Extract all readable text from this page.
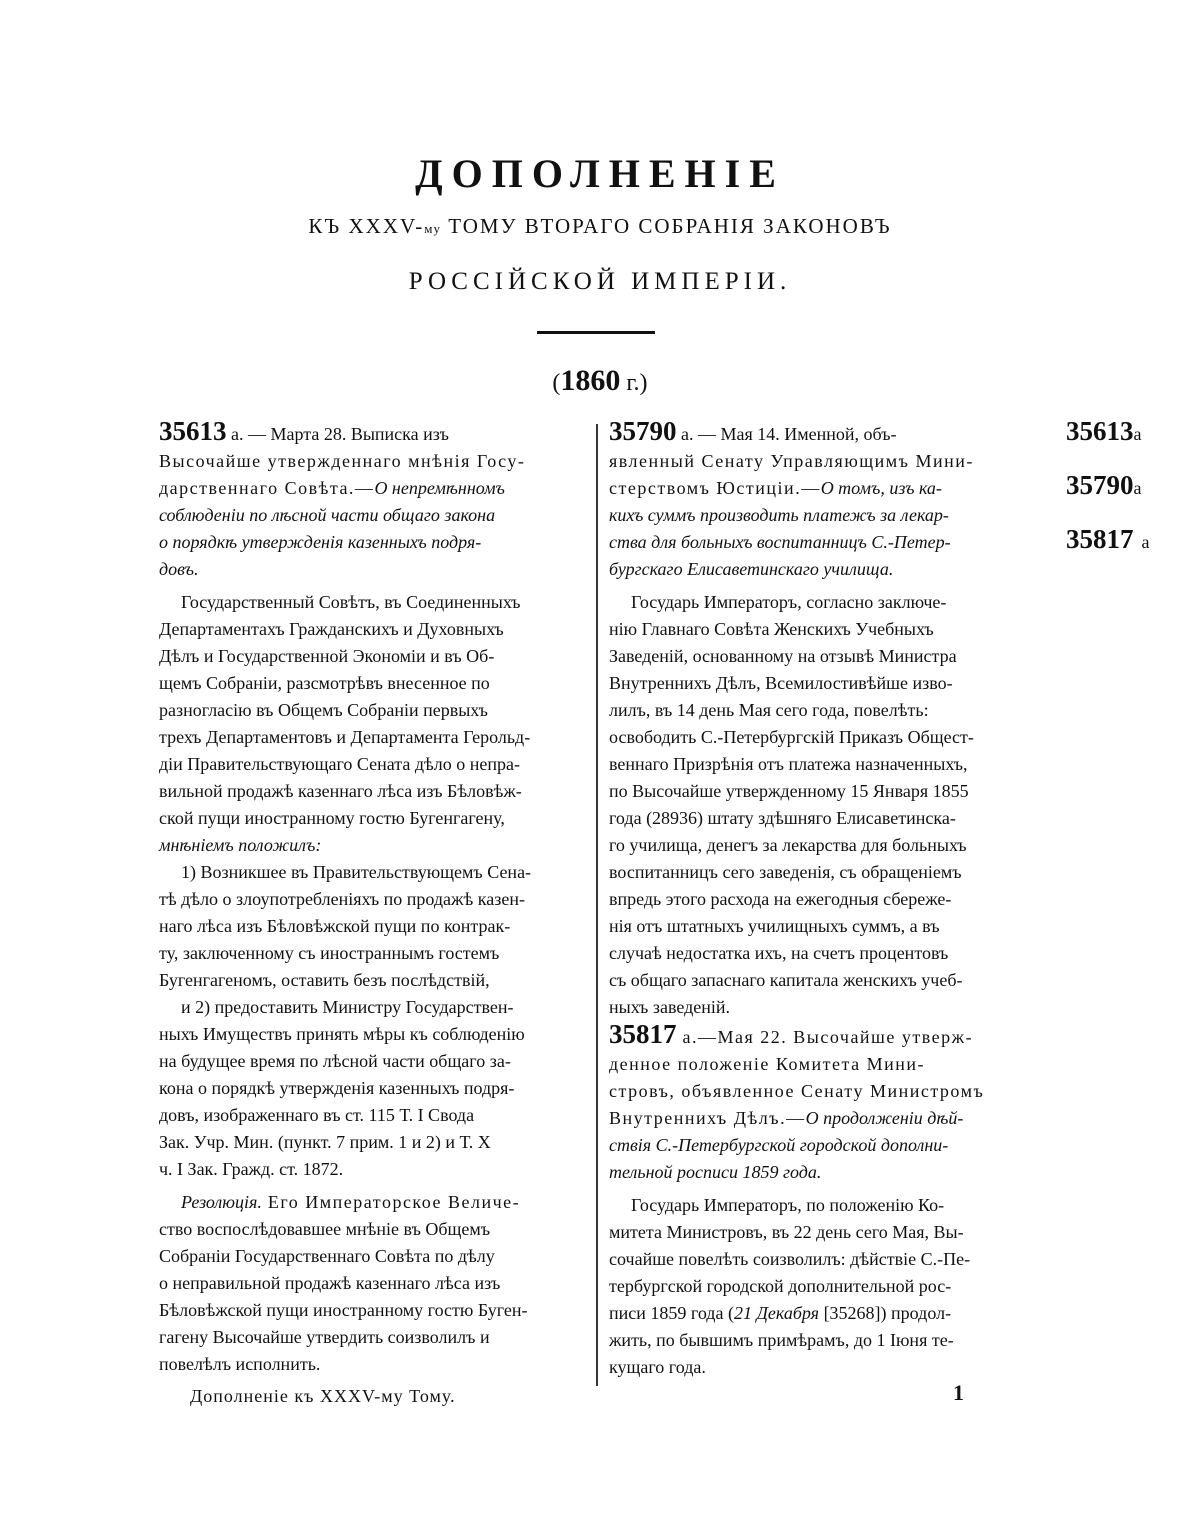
ДОПОЛНЕНІЕ
КЪ XXXV-му ТОМУ ВТОРАГО СОБРАНІЯ ЗАКОНОВЪ
РОССІЙСКОЙ ИМПЕРІИ.
(1860 г.)

35613 а. — Марта 28. Выписка изъ

Высочайше утвержденнаго мнѣнія Госу-

дарственнаго Совѣта.—О непремѣнномъ

соблюденіи по лѣсной части общаго закона

о порядкѣ утвержденія казенныхъ подря-

довъ.

Государственный Совѣтъ, въ Соединенныхъ

Департаментахъ Гражданскихъ и Духовныхъ

Дѣлъ и Государственной Экономіи и въ Об-

щемъ Собраніи, разсмотрѣвъ внесенное по

разногласію въ Общемъ Собраніи первыхъ

трехъ Департаментовъ и Департамента Герольд-

діи Правительствующаго Сената дѣло о непра-

вильной продажѣ казеннаго лѣса изъ Бѣловѣж-

ской пущи иностранному гостю Бугенгагену,

мнѣніемъ положилъ:

1) Возникшее въ Правительствующемъ Сена-

тѣ дѣло о злоупотребленіяхъ по продажѣ казен-

наго лѣса изъ Бѣловѣжской пущи по контрак-

ту, заключенному съ иностраннымъ гостемъ

Бугенгагеномъ, оставить безъ послѣдствій,

и 2) предоставить Министру Государствен-

ныхъ Имуществъ принять мѣры къ соблюденію

на будущее время по лѣсной части общаго за-

кона о порядкѣ утвержденія казенныхъ подря-

довъ, изображеннаго въ ст. 115 Т. I Свода

Зак. Учр. Мин. (пункт. 7 прим. 1 и 2) и Т. X

ч. I Зак. Гражд. ст. 1872.

Резолюція. Его Императорское Величе-

ство воспослѣдовавшее мнѣніе въ Общемъ

Собраніи Государственнаго Совѣта по дѣлу

о неправильной продажѣ казеннаго лѣса изъ

Бѣловѣжской пущи иностранному гостю Буген-

гагену Высочайше утвердить соизволилъ и

повелѣлъ исполнить.

35790 а. — Мая 14. Именной, объ-

явленный Сенату Управляющимъ Мини-

стерствомъ Юстиціи.—О томъ, изъ ка-

кихъ суммъ производить платежъ за лекар-

ства для больныхъ воспитанницъ С.-Петер-

бургскаго Елисаветинскаго училища.

Государь Императоръ, согласно заключе-

нію Главнаго Совѣта Женскихъ Учебныхъ

Заведеній, основанному на отзывѣ Министра

Внутреннихъ Дѣлъ, Всемилостивѣйше изво-

лилъ, въ 14 день Мая сего года, повелѣть:

освободить С.-Петербургскій Приказъ Общест-

веннаго Призрѣнія отъ платежа назначенныхъ,

по Высочайше утвержденному 15 Января 1855

года (28936) штату здѣшняго Елисаветинска-

го училища, денегъ за лекарства для больныхъ

воспитанницъ сего заведенія, съ обращеніемъ

впредь этого расхода на ежегодныя сбереже-

нія отъ штатныхъ училищныхъ суммъ, а въ

случаѣ недостатка ихъ, на счетъ процентовъ

съ общаго запаснаго капитала женскихъ учеб-

ныхъ заведеній.

35817 а.—Мая 22. Высочайше утверж-

денное положеніе Комитета Мини-

стровъ, объявленное Сенату Министромъ

Внутреннихъ Дѣлъ.—О продолженіи дѣй-

ствія С.-Петербургской городской дополни-

тельной росписи 1859 года.

Государь Императоръ, по положенію Ко-

митета Министровъ, въ 22 день сего Мая, Вы-

сочайше повелѣть соизволилъ: дѣйствіе С.-Пе-

тербургской городской дополнительной рос-

писи 1859 года (21 Декабря [35268]) продол-

жить, по бывшимъ примѣрамъ, до 1 Іюня те-

кущаго года.

35613а
35790а
35817 а
Дополненіе къ XXXV-му Тому.	1
